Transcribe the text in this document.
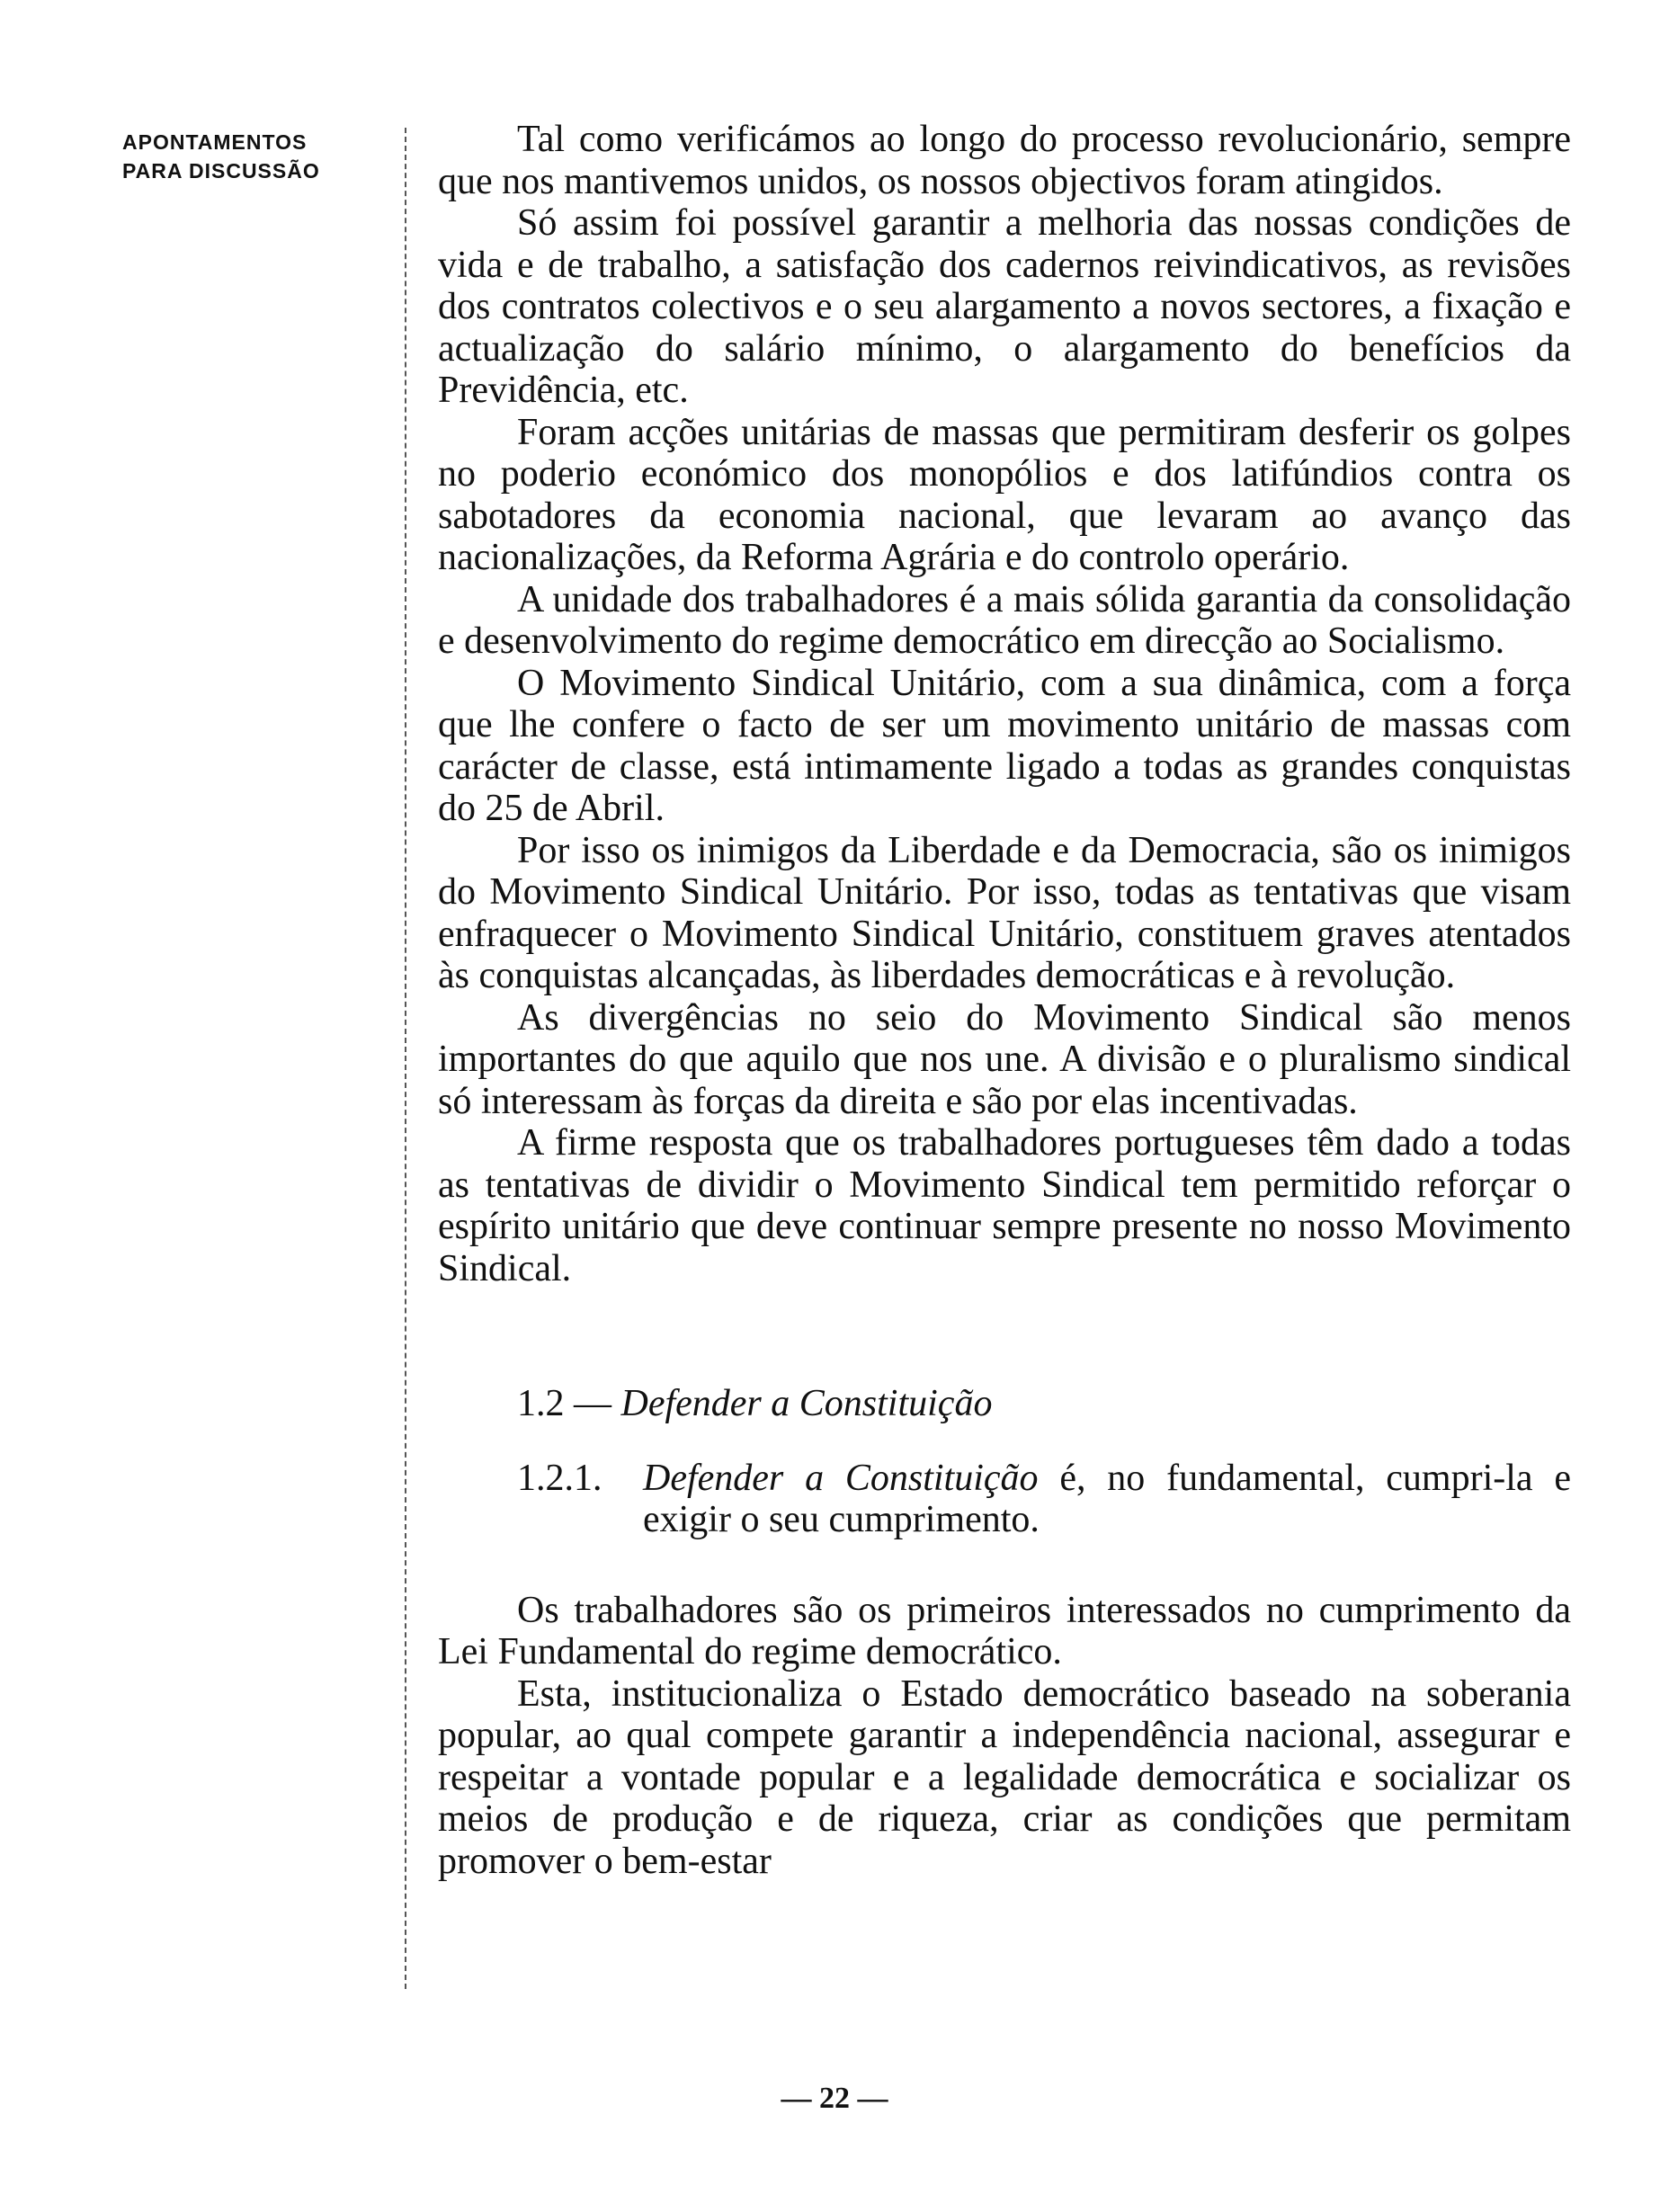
APONTAMENTOS
PARA DISCUSSÃO

Tal como verificámos ao longo do processo revolucionário, sempre que nos mantivemos unidos, os nossos objectivos foram atingidos.

Só assim foi possível garantir a melhoria das nossas condições de vida e de trabalho, a satisfação dos cadernos reivindicativos, as revisões dos contratos colectivos e o seu alargamento a novos sectores, a fixação e actualização do salário mínimo, o alargamento do benefícios da Previdência, etc.

Foram acções unitárias de massas que permitiram desferir os golpes no poderio económico dos monopólios e dos latifúndios contra os sabotadores da economia nacional, que levaram ao avanço das nacionalizações, da Reforma Agrária e do controlo operário.

A unidade dos trabalhadores é a mais sólida garantia da consolidação e desenvolvimento do regime democrático em direcção ao Socialismo.

O Movimento Sindical Unitário, com a sua dinâmica, com a força que lhe confere o facto de ser um movimento unitário de massas com carácter de classe, está intimamente ligado a todas as grandes conquistas do 25 de Abril.

Por isso os inimigos da Liberdade e da Democracia, são os inimigos do Movimento Sindical Unitário. Por isso, todas as tentativas que visam enfraquecer o Movimento Sindical Unitário, constituem graves atentados às conquistas alcançadas, às liberdades democráticas e à revolução.

As divergências no seio do Movimento Sindical são menos importantes do que aquilo que nos une. A divisão e o pluralismo sindical só interessam às forças da direita e são por elas incentivadas.

A firme resposta que os trabalhadores portugueses têm dado a todas as tentativas de dividir o Movimento Sindical tem permitido reforçar o espírito unitário que deve continuar sempre presente no nosso Movimento Sindical.

1.2 — Defender a Constituição
1.2.1. Defender a Constituição é, no fundamental, cumpri-la e exigir o seu cumprimento.

Os trabalhadores são os primeiros interessados no cumprimento da Lei Fundamental do regime democrático.

Esta, institucionaliza o Estado democrático baseado na soberania popular, ao qual compete garantir a independência nacional, assegurar e respeitar a vontade popular e a legalidade democrática e socializar os meios de produção e de riqueza, criar as condições que permitam promover o bem-estar

— 22 —
